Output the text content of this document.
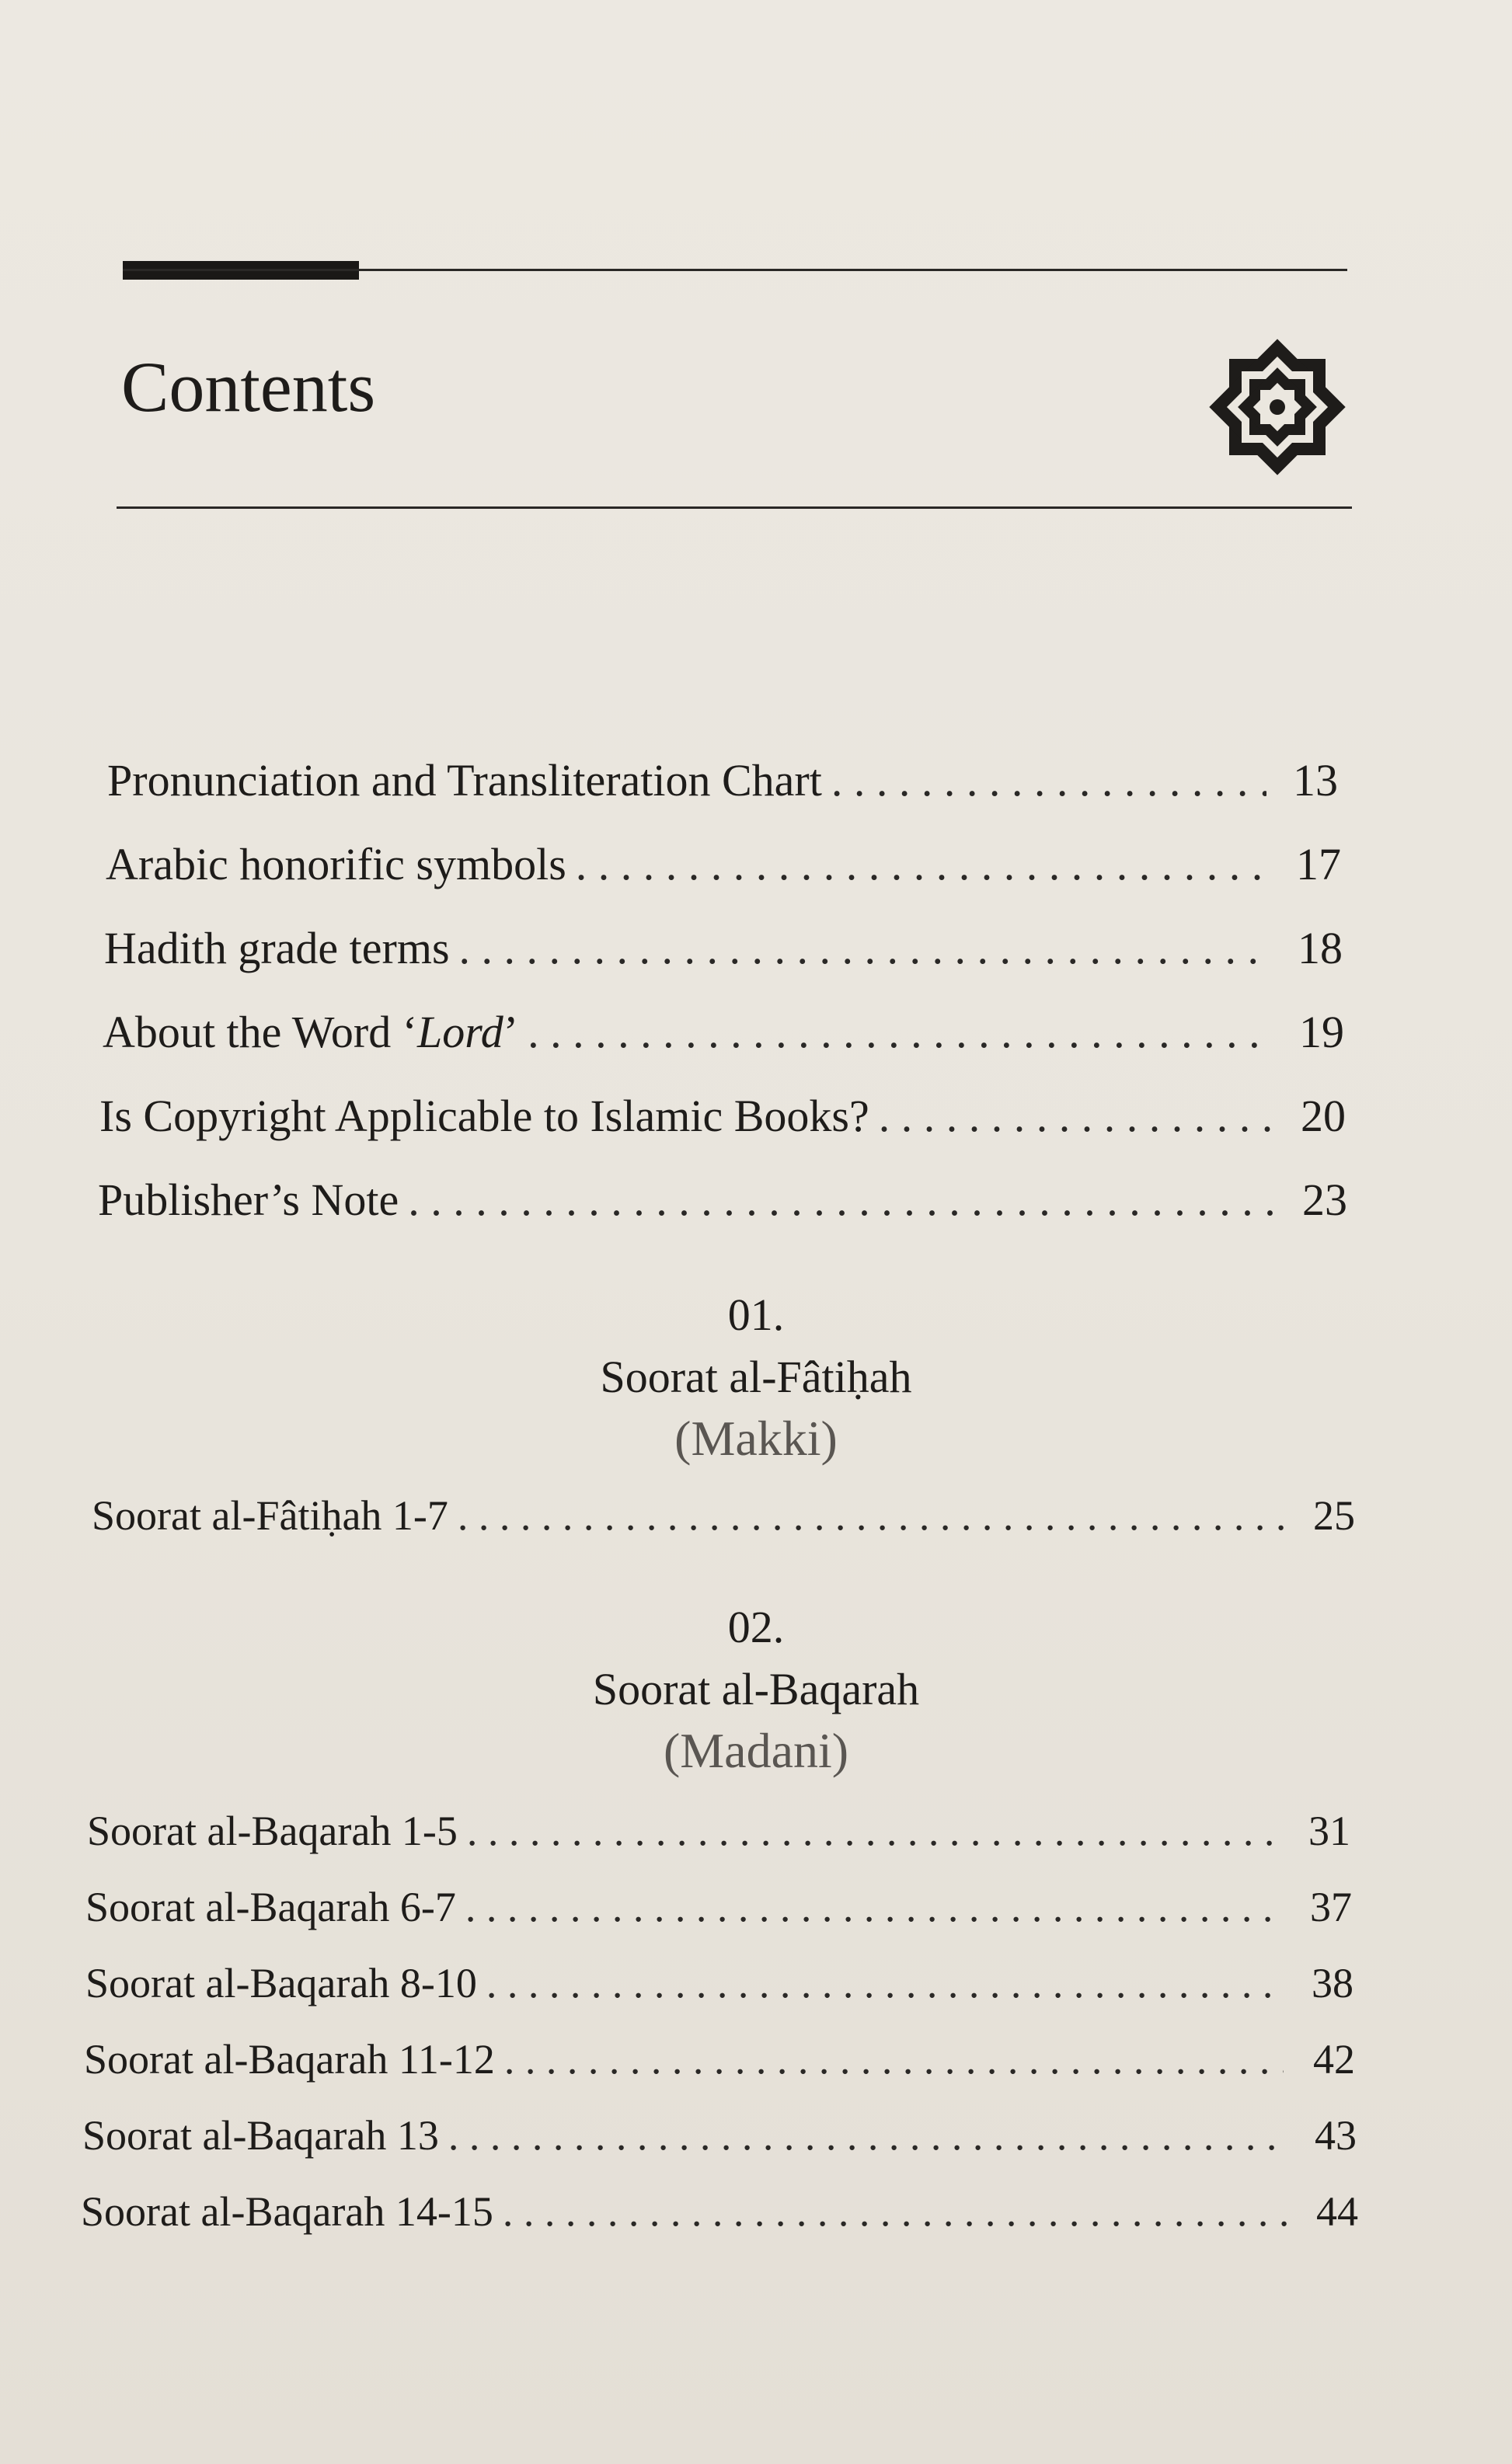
Contents
Pronunciation and Transliteration Chart . . .	13
Arabic honorific symbols . . .	17
Hadith grade terms . . .	18
About the Word ‘Lord’ . . .	19
Is Copyright Applicable to Islamic Books? . . .	20
Publisher’s Note . . .	23
01.
Soorat al-Fâtiḥah
(Makki)
Soorat al-Fâtiḥah 1-7 . . .	25
02.
Soorat al-Baqarah
(Madani)
Soorat al-Baqarah 1-5 . . .	31
Soorat al-Baqarah 6-7 . . .	37
Soorat al-Baqarah 8-10 . . .	38
Soorat al-Baqarah 11-12 . . .	42
Soorat al-Baqarah 13 . . .	43
Soorat al-Baqarah 14-15 . . .	44
